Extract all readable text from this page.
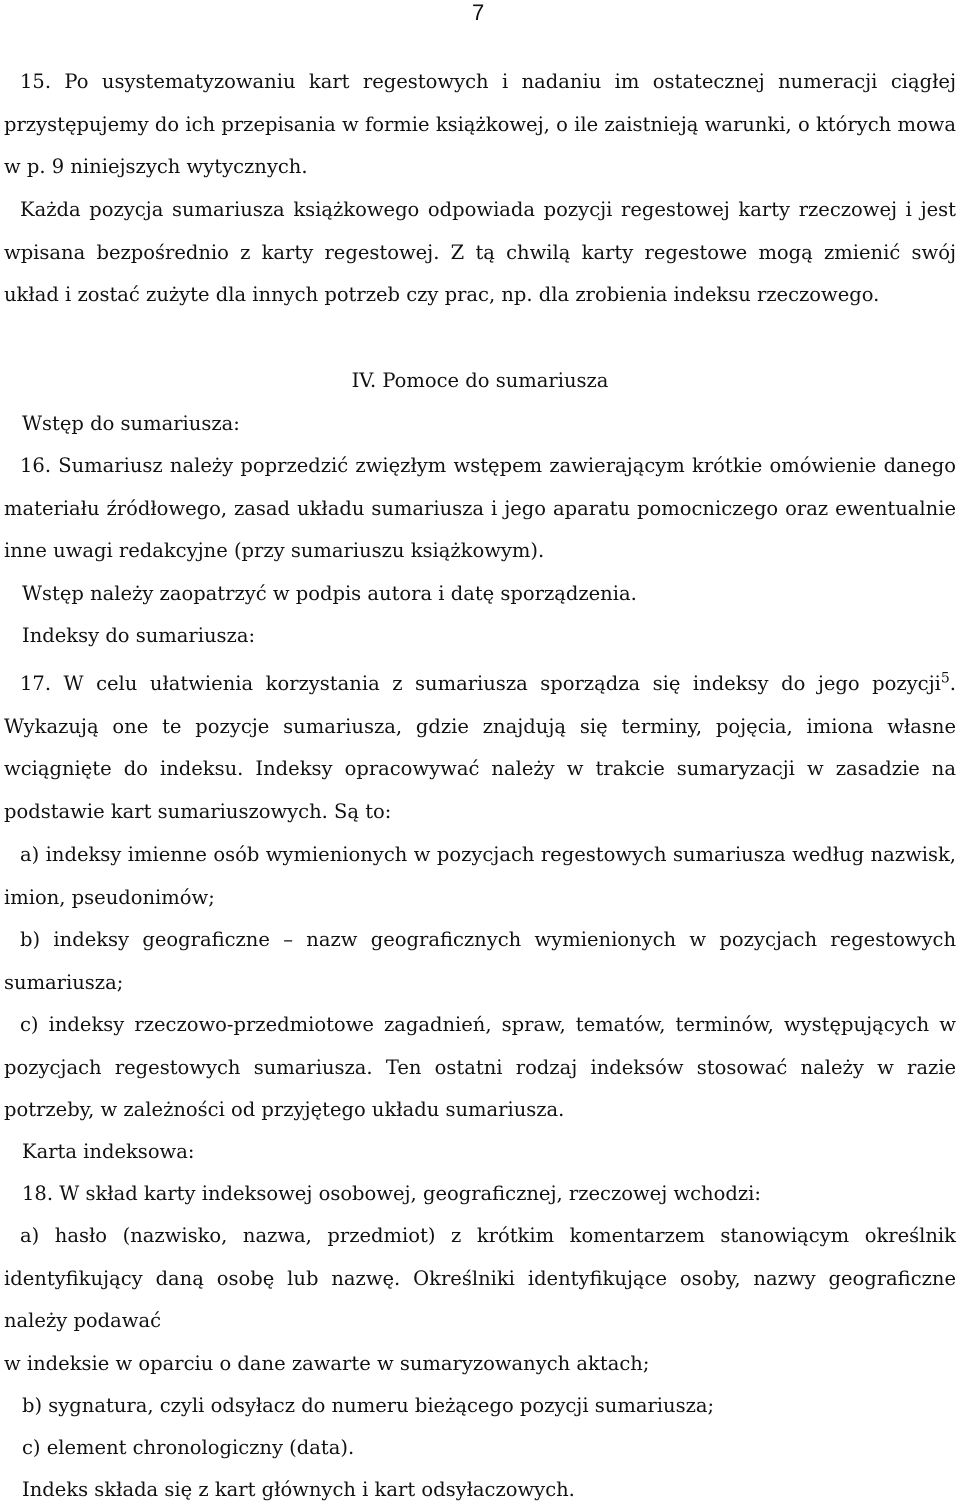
7
15. Po usystematyzowaniu kart regestowych i nadaniu im ostatecznej numeracji ciągłej przystępujemy do ich przepisania w formie książkowej, o ile zaistnieją warunki, o których mowa w p. 9 niniejszych wytycznych.
Każda pozycja sumariusza książkowego odpowiada pozycji regestowej karty rzeczowej i jest wpisana bezpośrednio z karty regestowej. Z tą chwilą karty regestowe mogą zmienić swój układ i zostać zużyte dla innych potrzeb czy prac, np. dla zrobienia indeksu rzeczowego.
IV. Pomoce do sumariusza
Wstęp do sumariusza:
16. Sumariusz należy poprzedzić zwięzłym wstępem zawierającym krótkie omówienie danego materiału źródłowego, zasad układu sumariusza i jego aparatu pomocniczego oraz ewentualnie inne uwagi redakcyjne (przy sumariuszu książkowym).
Wstęp należy zaopatrzyć w podpis autora i datę sporządzenia.
Indeksy do sumariusza:
17. W celu ułatwienia korzystania z sumariusza sporządza się indeksy do jego pozycji$^5$. Wykazują one te pozycje sumariusza, gdzie znajdują się terminy, pojęcia, imiona własne wciągnięte do indeksu. Indeksy opracowywać należy w trakcie sumaryzacji w zasadzie na podstawie kart sumariuszowych. Są to:
a) indeksy imienne osób wymienionych w pozycjach regestowych sumariusza według nazwisk, imion, pseudonimów;
b) indeksy geograficzne – nazw geograficznych wymienionych w pozycjach regestowych sumariusza;
c) indeksy rzeczowo-przedmiotowe zagadnień, spraw, tematów, terminów, występujących w pozycjach regestowych sumariusza. Ten ostatni rodzaj indeksów stosować należy w razie potrzeby, w zależności od przyjętego układu sumariusza.
Karta indeksowa:
18. W skład karty indeksowej osobowej, geograficznej, rzeczowej wchodzi:
a) hasło (nazwisko, nazwa, przedmiot) z krótkim komentarzem stanowiącym określnik identyfikujący daną osobę lub nazwę. Określniki identyfikujące osoby, nazwy geograficzne należy podawać
w indeksie w oparciu o dane zawarte w sumaryzowanych aktach;
b) sygnatura, czyli odsyłacz do numeru bieżącego pozycji sumariusza;
c) element chronologiczny (data).
Indeks składa się z kart głównych i kart odsyłaczowych.
